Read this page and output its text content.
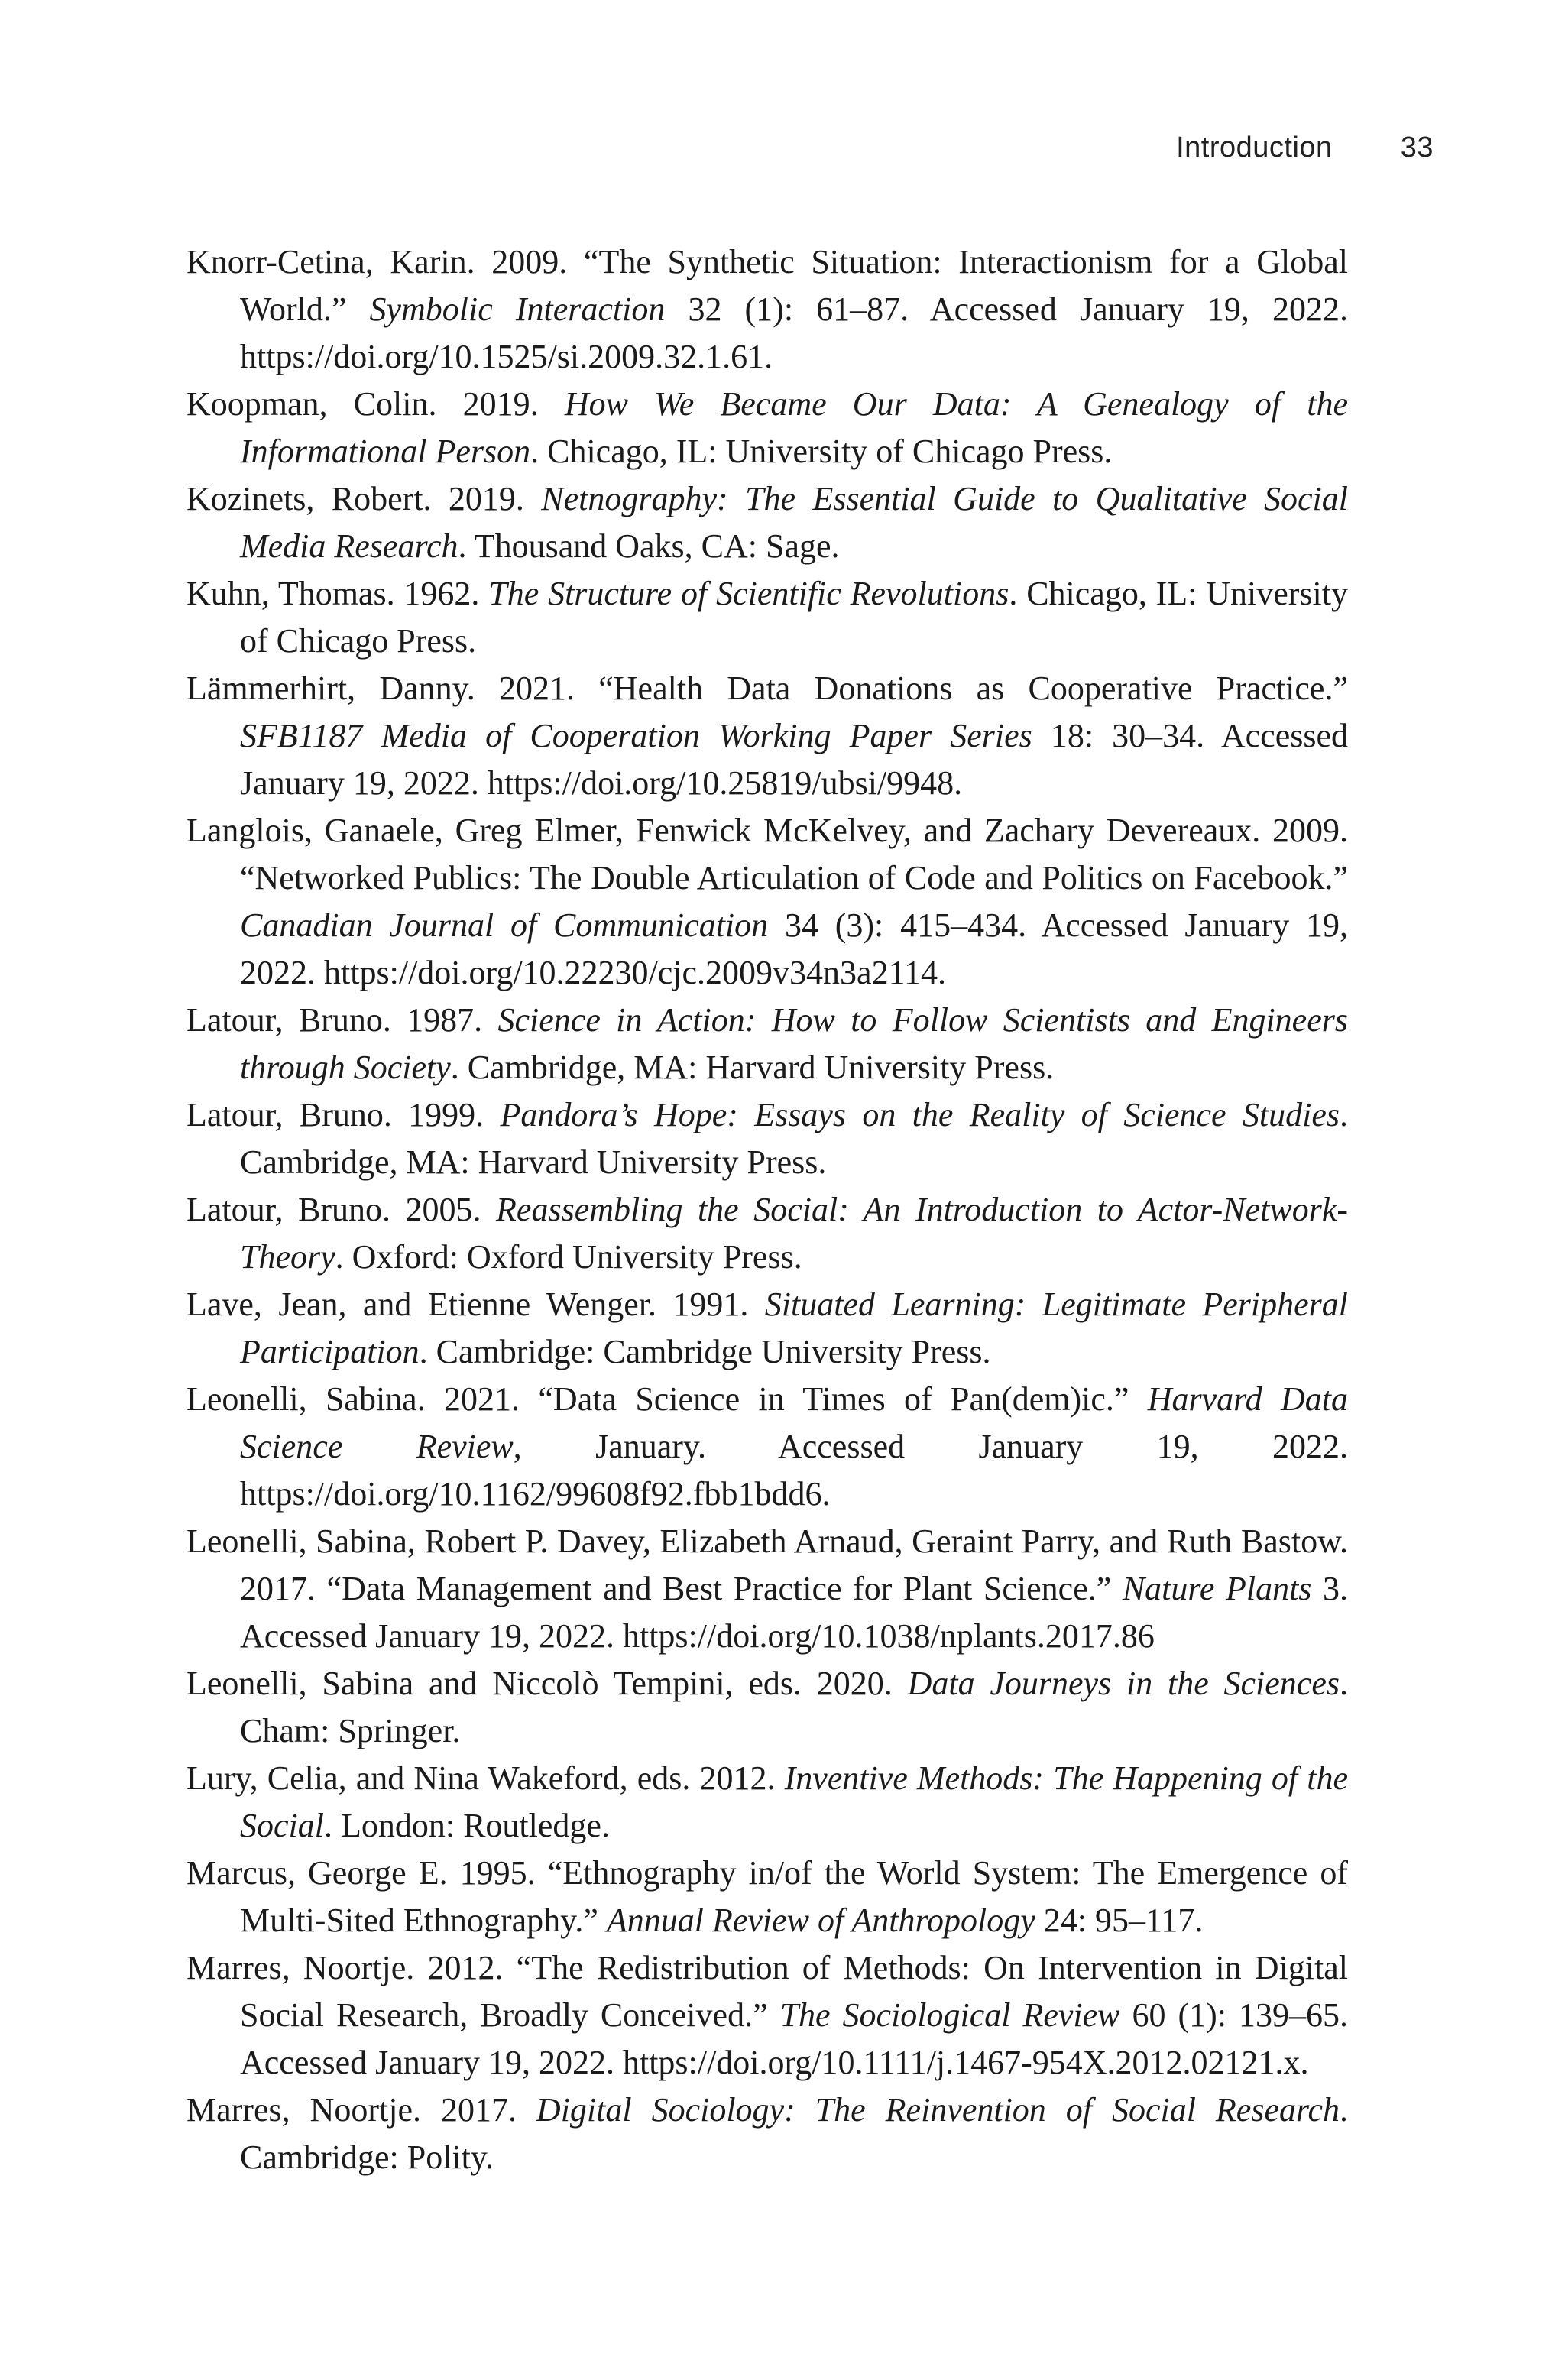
Introduction 33

Knorr-Cetina, Karin. 2009. “The Synthetic Situation: Interactionism for a Global World.” Symbolic Interaction 32 (1): 61–87. Accessed January 19, 2022. https://doi.org/10.1525/si.2009.32.1.61.

Koopman, Colin. 2019. How We Became Our Data: A Genealogy of the Informational Person. Chicago, IL: University of Chicago Press.

Kozinets, Robert. 2019. Netnography: The Essential Guide to Qualitative Social Media Research. Thousand Oaks, CA: Sage.

Kuhn, Thomas. 1962. The Structure of Scientific Revolutions. Chicago, IL: University of Chicago Press.

Lämmerhirt, Danny. 2021. “Health Data Donations as Cooperative Practice.” SFB1187 Media of Cooperation Working Paper Series 18: 30–34. Accessed January 19, 2022. https://doi.org/10.25819/ubsi/9948.

Langlois, Ganaele, Greg Elmer, Fenwick McKelvey, and Zachary Devereaux. 2009. “Networked Publics: The Double Articulation of Code and Politics on Facebook.” Canadian Journal of Communication 34 (3): 415–434. Accessed January 19, 2022. https://doi.org/10.22230/cjc.2009v34n3a2114.

Latour, Bruno. 1987. Science in Action: How to Follow Scientists and Engineers through Society. Cambridge, MA: Harvard University Press.

Latour, Bruno. 1999. Pandora’s Hope: Essays on the Reality of Science Studies. Cambridge, MA: Harvard University Press.

Latour, Bruno. 2005. Reassembling the Social: An Introduction to Actor-Network-Theory. Oxford: Oxford University Press.

Lave, Jean, and Etienne Wenger. 1991. Situated Learning: Legitimate Peripheral Participation. Cambridge: Cambridge University Press.

Leonelli, Sabina. 2021. “Data Science in Times of Pan(dem)ic.” Harvard Data Science Review, January. Accessed January 19, 2022. https://doi.org/10.1162/99608f92.fbb1bdd6.

Leonelli, Sabina, Robert P. Davey, Elizabeth Arnaud, Geraint Parry, and Ruth Bastow. 2017. “Data Management and Best Practice for Plant Science.” Nature Plants 3. Accessed January 19, 2022. https://doi.org/10.1038/nplants.2017.86

Leonelli, Sabina and Niccolò Tempini, eds. 2020. Data Journeys in the Sciences. Cham: Springer.

Lury, Celia, and Nina Wakeford, eds. 2012. Inventive Methods: The Happening of the Social. London: Routledge.

Marcus, George E. 1995. “Ethnography in/of the World System: The Emergence of Multi-Sited Ethnography.” Annual Review of Anthropology 24: 95–117.

Marres, Noortje. 2012. “The Redistribution of Methods: On Intervention in Digital Social Research, Broadly Conceived.” The Sociological Review 60 (1): 139–65. Accessed January 19, 2022. https://doi.org/10.1111/j.1467-954X.2012.02121.x.

Marres, Noortje. 2017. Digital Sociology: The Reinvention of Social Research. Cambridge: Polity.
